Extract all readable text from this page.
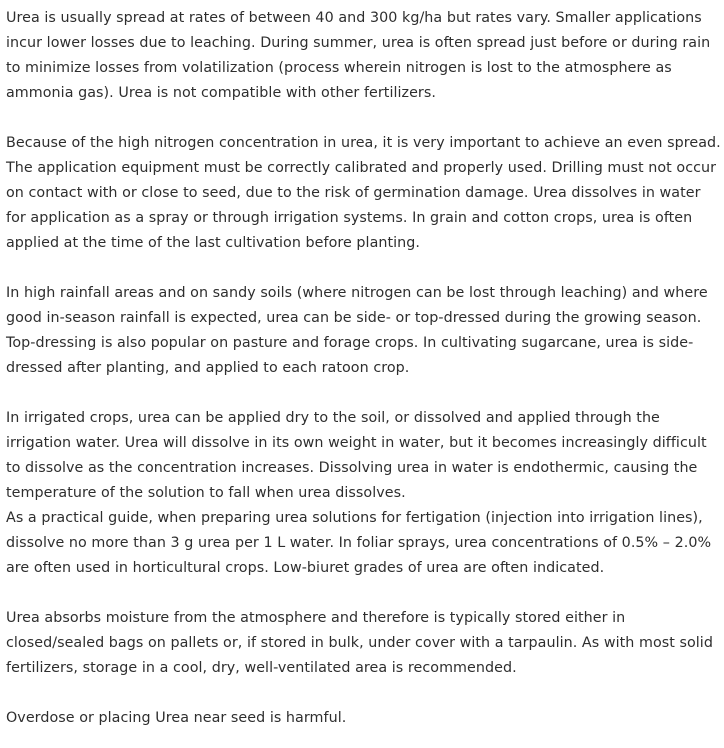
Urea is usually spread at rates of between 40 and 300 kg/ha but rates vary. Smaller applications incur lower losses due to leaching. During summer, urea is often spread just before or during rain to minimize losses from volatilization (process wherein nitrogen is lost to the atmosphere as ammonia gas). Urea is not compatible with other fertilizers.

Because of the high nitrogen concentration in urea, it is very important to achieve an even spread. The application equipment must be correctly calibrated and properly used. Drilling must not occur on contact with or close to seed, due to the risk of germination damage. Urea dissolves in water for application as a spray or through irrigation systems. In grain and cotton crops, urea is often applied at the time of the last cultivation before planting.

In high rainfall areas and on sandy soils (where nitrogen can be lost through leaching) and where good in-season rainfall is expected, urea can be side- or top-dressed during the growing season. Top-dressing is also popular on pasture and forage crops. In cultivating sugarcane, urea is side-dressed after planting, and applied to each ratoon crop.

In irrigated crops, urea can be applied dry to the soil, or dissolved and applied through the irrigation water. Urea will dissolve in its own weight in water, but it becomes increasingly difficult to dissolve as the concentration increases. Dissolving urea in water is endothermic, causing the temperature of the solution to fall when urea dissolves.

As a practical guide, when preparing urea solutions for fertigation (injection into irrigation lines), dissolve no more than 3 g urea per 1 L water. In foliar sprays, urea concentrations of 0.5% – 2.0% are often used in horticultural crops. Low-biuret grades of urea are often indicated.

Urea absorbs moisture from the atmosphere and therefore is typically stored either in closed/sealed bags on pallets or, if stored in bulk, under cover with a tarpaulin. As with most solid fertilizers, storage in a cool, dry, well-ventilated area is recommended.

Overdose or placing Urea near seed is harmful.
